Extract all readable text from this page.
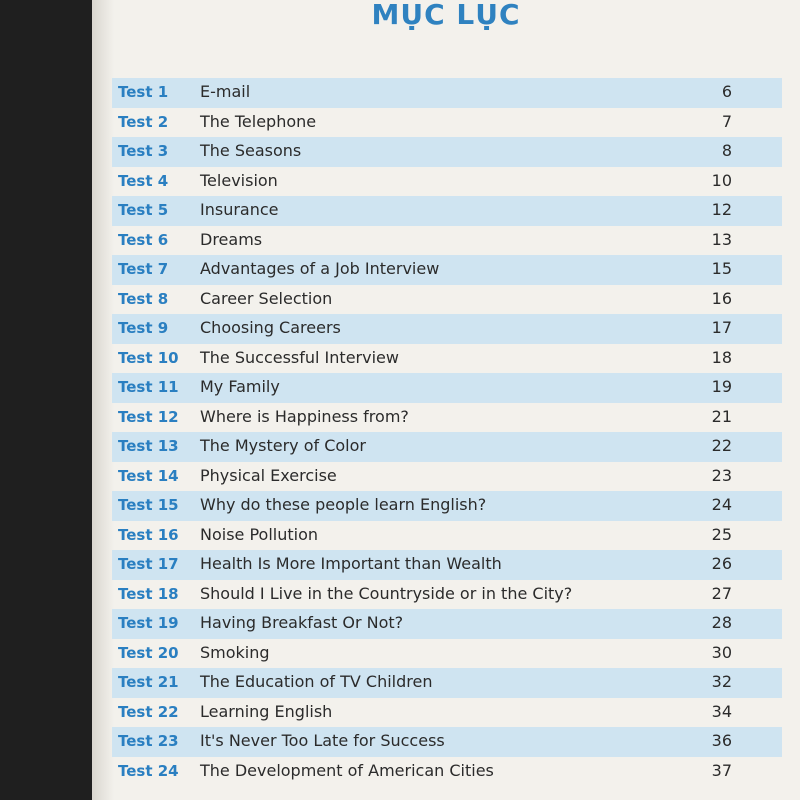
MỤC LỤC
Test 1 E-mail	6
Test 2 The Telephone	7
Test 3 The Seasons	8
Test 4 Television	10
Test 5 Insurance	12
Test 6 Dreams	13
Test 7 Advantages of a Job Interview	15
Test 8 Career Selection	16
Test 9 Choosing Careers	17
Test 10 The Successful Interview	18
Test 11 My Family	19
Test 12 Where is Happiness from?	21
Test 13 The Mystery of Color	22
Test 14 Physical Exercise	23
Test 15 Why do these people learn English?	24
Test 16 Noise Pollution	25
Test 17 Health Is More Important than Wealth	26
Test 18 Should I Live in the Countryside or in the City?	27
Test 19 Having Breakfast Or Not?	28
Test 20 Smoking	30
Test 21 The Education of TV Children	32
Test 22 Learning English	34
Test 23 It's Never Too Late for Success	36
Test 24 The Development of American Cities	37
